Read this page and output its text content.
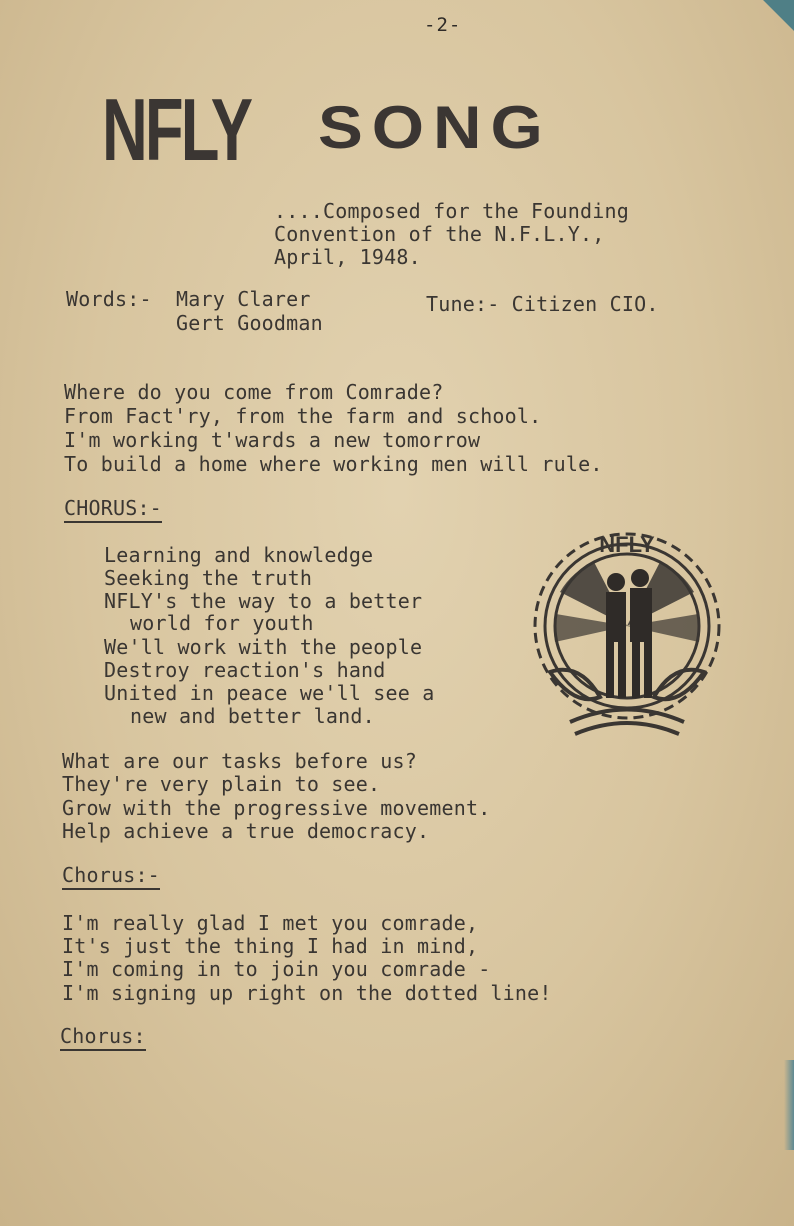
-2-
NFLY SONG
....Composed for the Founding
Convention of the N.F.L.Y.,
April, 1948.
Words:- Mary Clarer
Gert Goodman
Tune:- Citizen CIO.
Where do you come from Comrade?
From Fact'ry, from the farm and school.
I'm working t'wards a new tomorrow
To build a home where working men will rule.
CHORUS:-
Learning and knowledge
Seeking the truth
NFLY's the way to a better
world for youth
We'll work with the people
Destroy reaction's hand
United in peace we'll see a
new and better land.
NFLY
What are our tasks before us?
They're very plain to see.
Grow with the progressive movement.
Help achieve a true democracy.
Chorus:-
I'm really glad I met you comrade,
It's just the thing I had in mind,
I'm coming in to join you comrade -
I'm signing up right on the dotted line!
Chorus:
